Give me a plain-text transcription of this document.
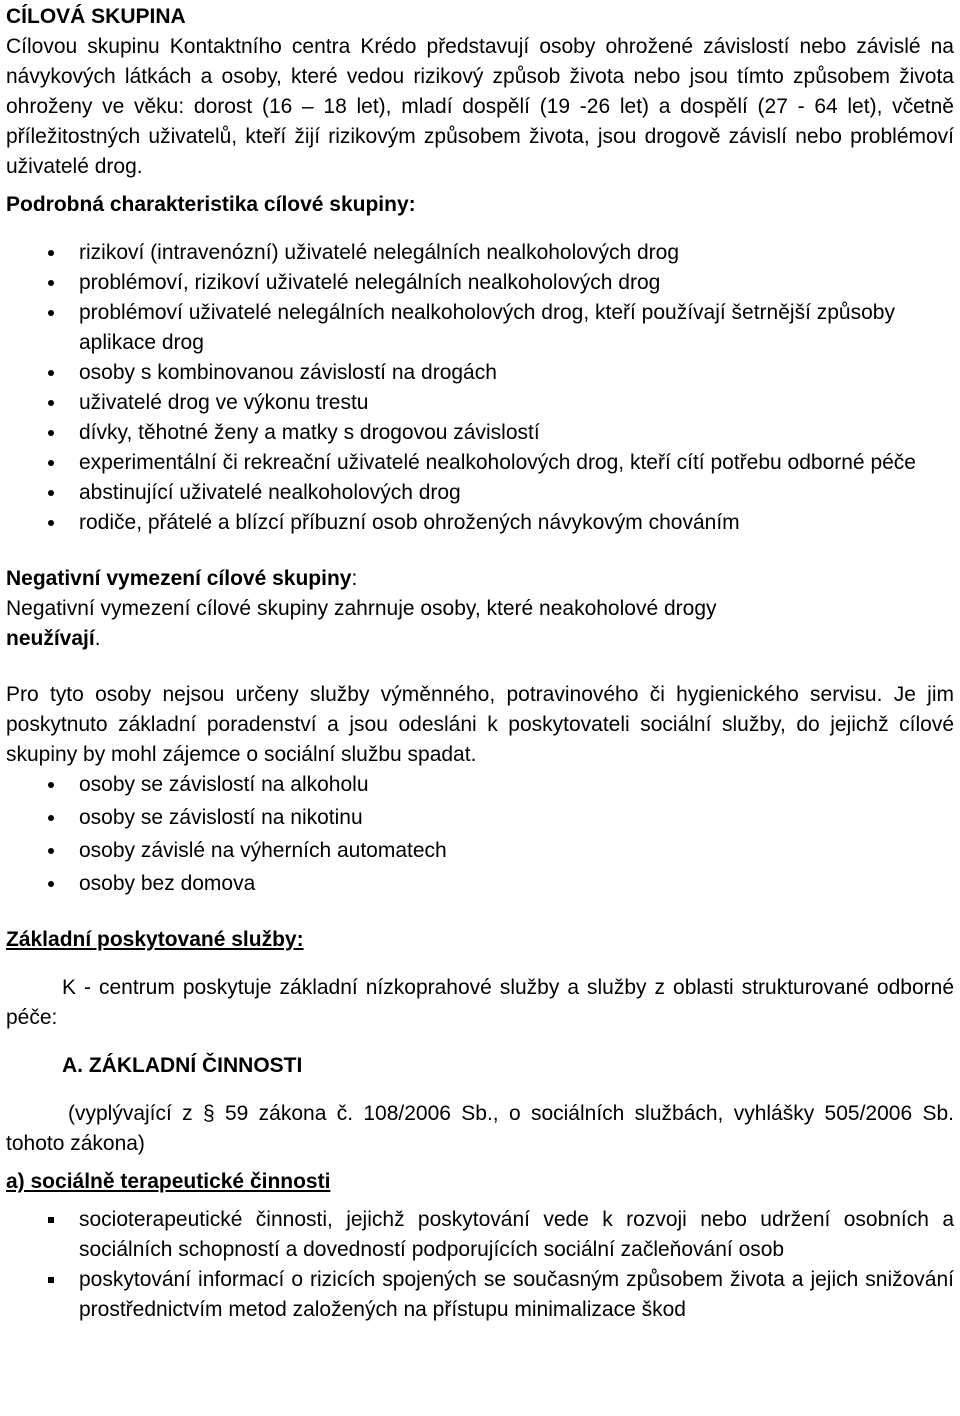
CÍLOVÁ SKUPINA

Cílovou skupinu Kontaktního centra Krédo představují osoby ohrožené závislostí nebo závislé na návykových látkách a osoby, které vedou rizikový způsob života nebo jsou tímto způsobem života ohroženy ve věku: dorost (16 – 18 let), mladí dospělí (19 -26 let) a dospělí (27 - 64 let), včetně příležitostných uživatelů, kteří žijí rizikovým způsobem života, jsou drogově závislí nebo problémoví uživatelé drog.

Podrobná charakteristika cílové skupiny:

rizikoví (intravenózní) uživatelé nelegálních nealkoholových drog
problémoví, rizikoví uživatelé nelegálních nealkoholových drog
problémoví uživatelé nelegálních nealkoholových drog, kteří používají šetrnější způsoby aplikace drog
osoby s kombinovanou závislostí na drogách
uživatelé drog ve výkonu trestu
dívky, těhotné ženy a matky s drogovou závislostí
experimentální či rekreační uživatelé nealkoholových drog, kteří cítí potřebu odborné péče
abstinující uživatelé nealkoholových drog
rodiče, přátelé a blízcí příbuzní osob ohrožených návykovým chováním

Negativní vymezení cílové skupiny:

Negativní vymezení cílové skupiny zahrnuje osoby, které neakoholové drogy
neužívají.

Pro tyto osoby nejsou určeny služby výměnného, potravinového či hygienického servisu. Je jim poskytnuto základní poradenství a jsou odesláni k poskytovateli sociální služby, do jejichž cílové skupiny by mohl zájemce o sociální službu spadat.

osoby se závislostí na alkoholu
osoby se závislostí na nikotinu
osoby závislé na výherních automatech
osoby bez domova

Základní poskytované služby:

K - centrum poskytuje základní nízkoprahové služby a služby z oblasti strukturované odborné péče:

A. ZÁKLADNÍ ČINNOSTI

(vyplývající z § 59 zákona č. 108/2006 Sb., o sociálních službách, vyhlášky 505/2006 Sb. tohoto zákona)

a) sociálně terapeutické činnosti

socioterapeutické činnosti, jejichž poskytování vede k rozvoji nebo udržení osobních a sociálních schopností a dovedností podporujících sociální začleňování osob
poskytování informací o rizicích spojených se současným způsobem života a jejich snižování prostřednictvím metod založených na přístupu minimalizace škod
